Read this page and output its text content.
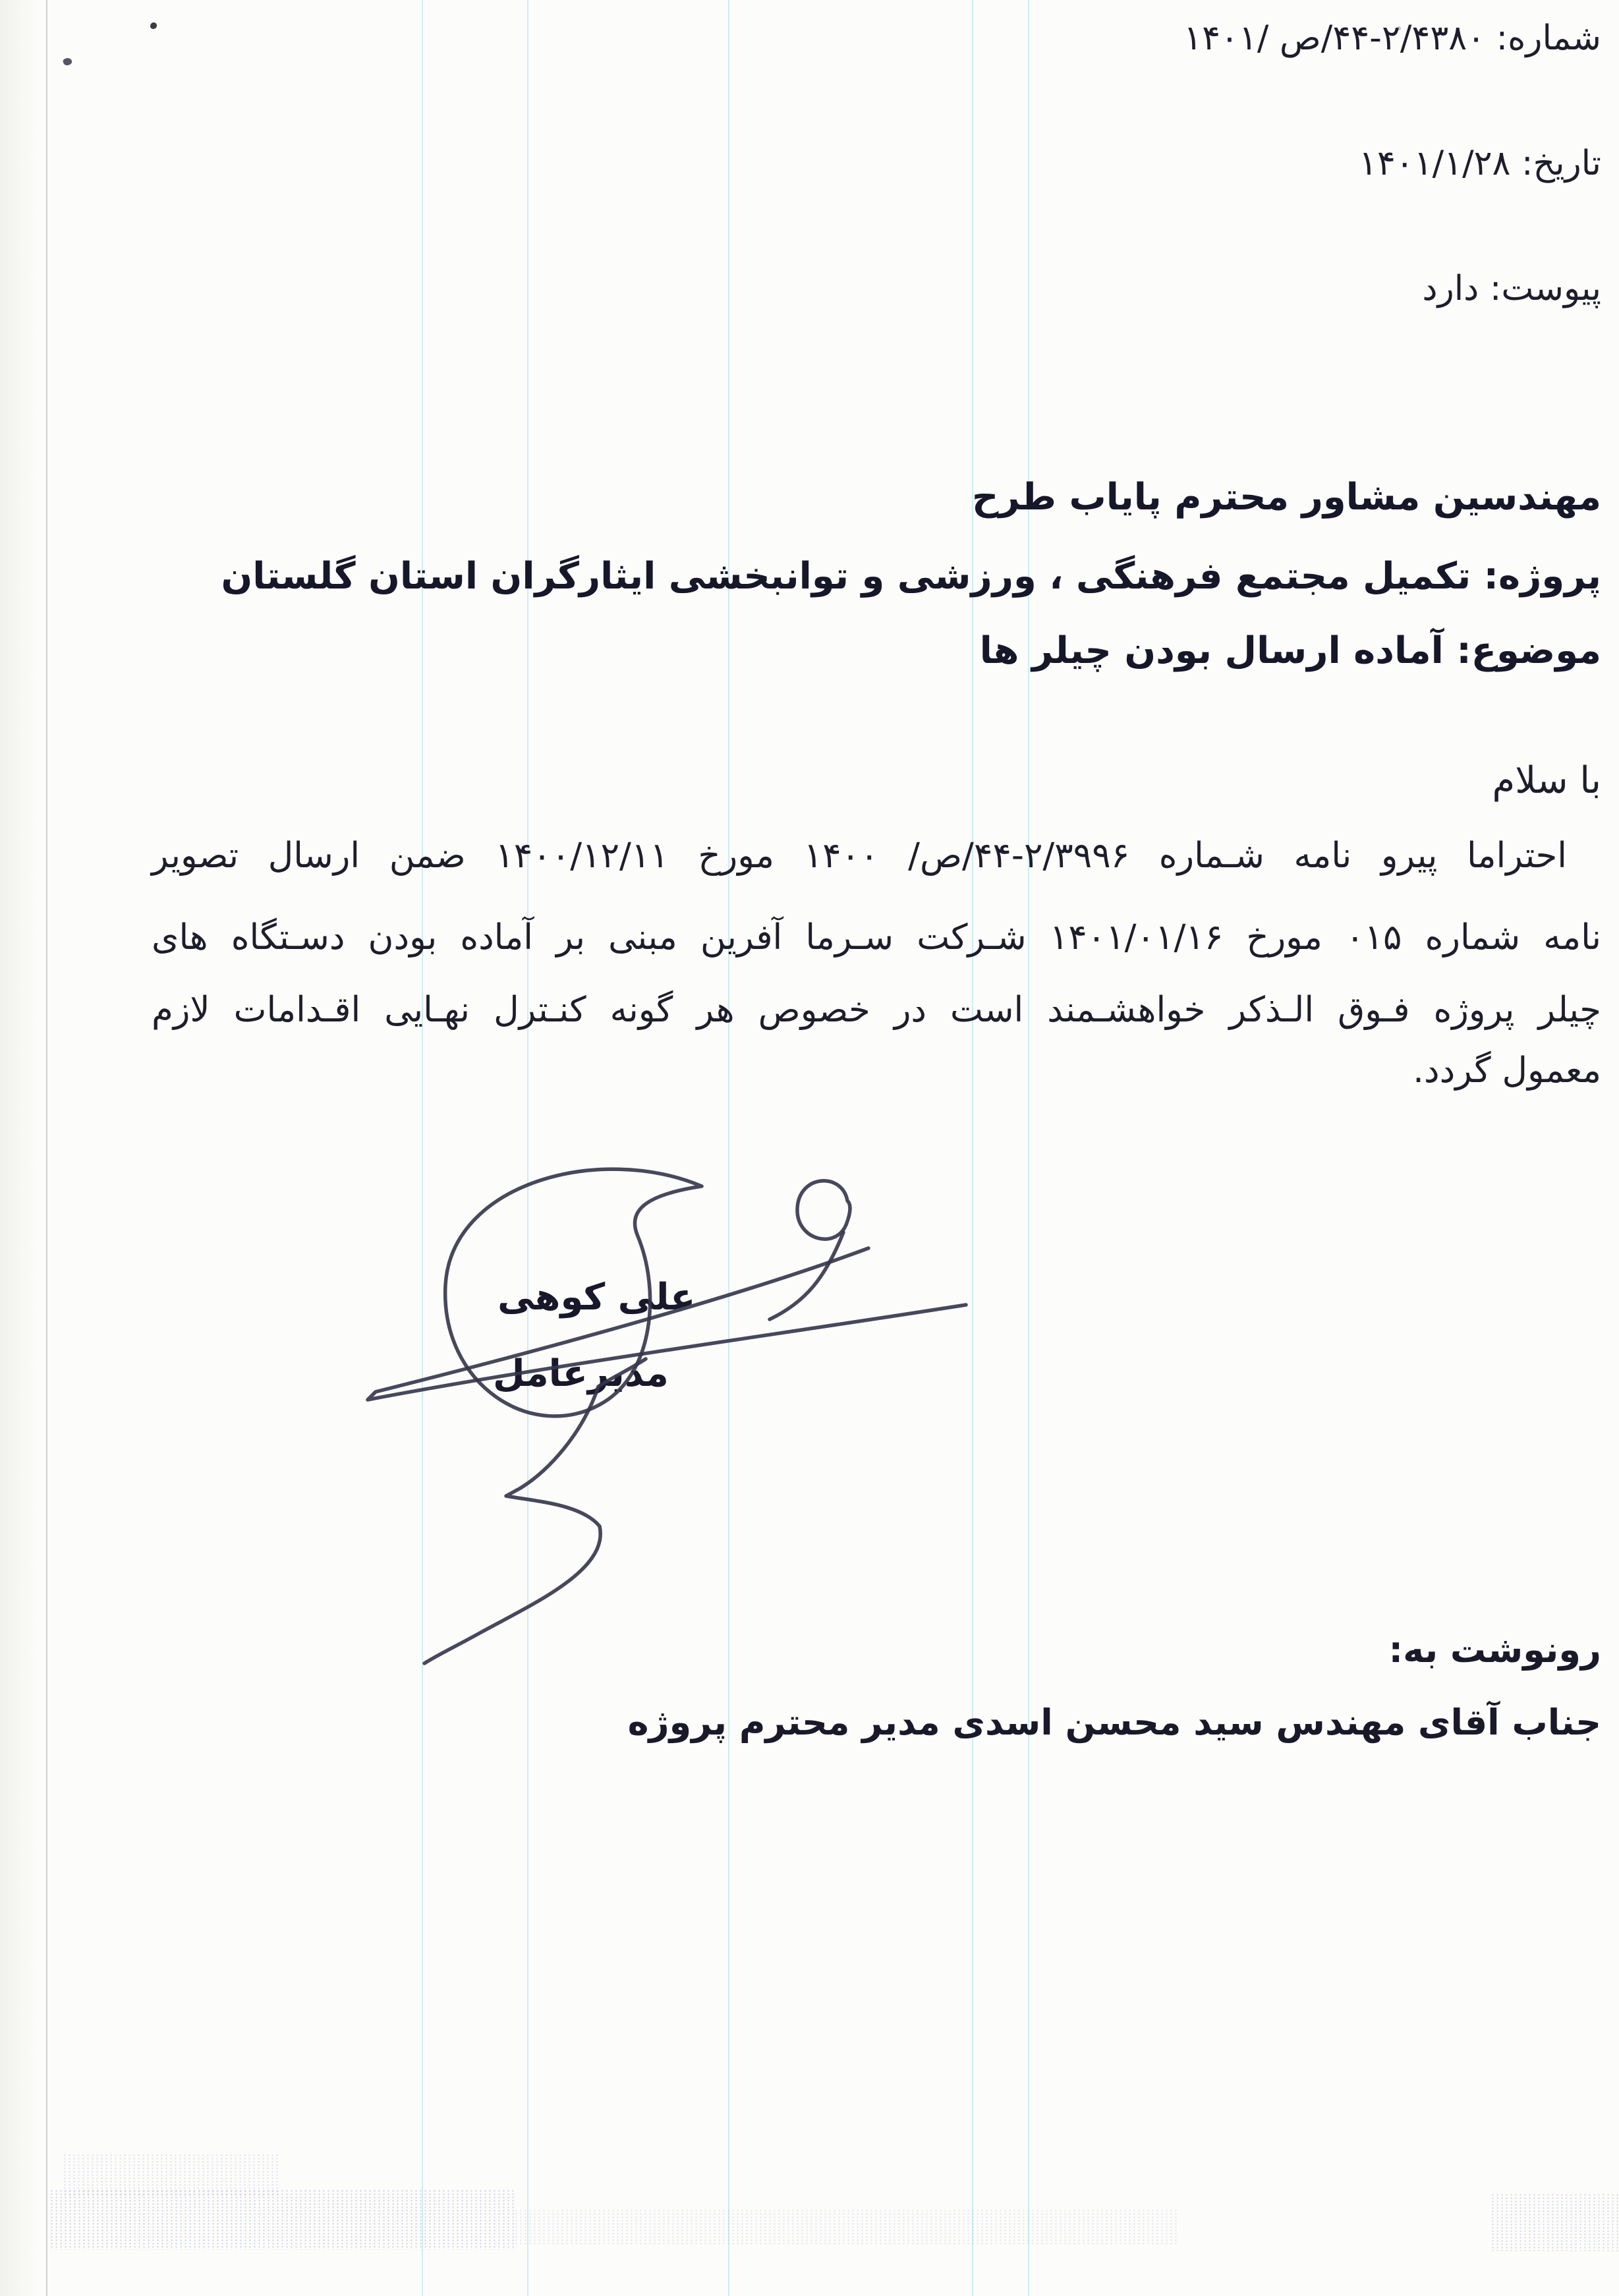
شماره: ۲/۴۳۸۰‏-‏۴۴/ص /۱۴۰۱
تاریخ: ۱۴۰۱/۱/۲۸
پیوست: دارد
مهندسین مشاور محترم پایاب طرح
پروژه: تکمیل مجتمع فرهنگی ، ورزشی و توانبخشی ایثارگران استان گلستان
موضوع: آماده ارسال بودن چیلر ها
با سلام
احتراما پیرو نامه شـماره ۲/۳۹۹۶‏-‏۴۴/ص/ ۱۴۰۰ مورخ ۱۴۰۰/۱۲/۱۱ ضمن ارسال تصویر
نامه شماره ۰۱۵ مورخ ۱۴۰۱/۰۱/۱۶ شـرکت سـرما آفرین مبنی بر آماده بودن دسـتگاه های
چیلر پروژه فـوق الـذکر خواهشـمند است در خصوص هر گونه کنـترل نهـایی اقـدامات لازم
معمول گردد.
علی کوهی
مدیرعامل
رونوشت به:
جناب آقای مهندس سید محسن اسدی مدیر محترم پروژه
